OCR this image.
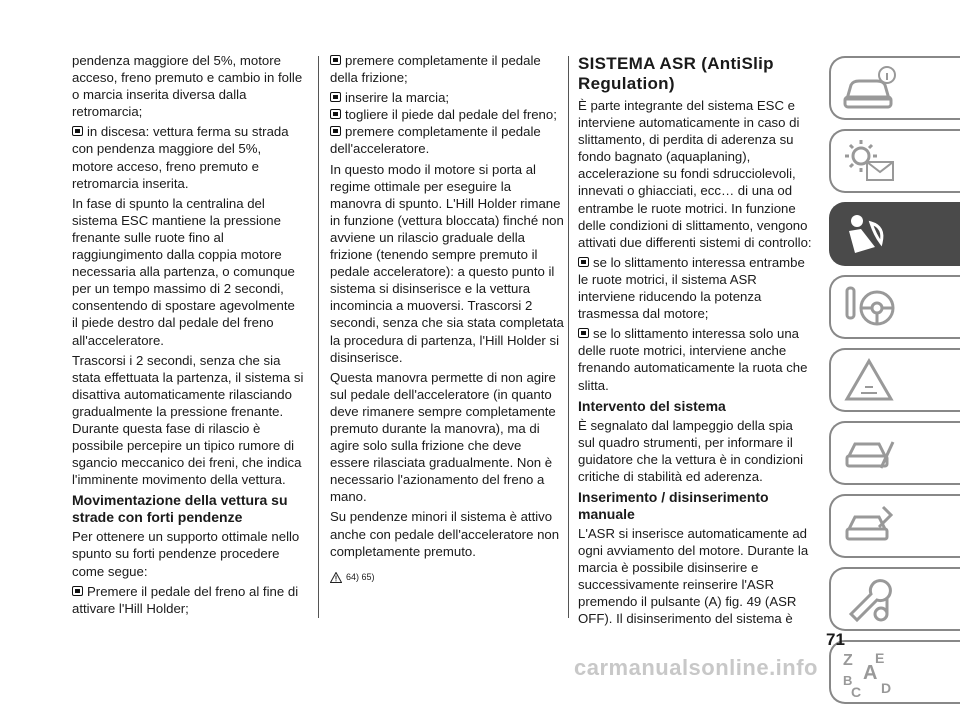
pendenza maggiore del 5%, motore acceso, freno premuto e cambio in folle o marcia inserita diversa dalla retromarcia;

in discesa: vettura ferma su strada con pendenza maggiore del 5%, motore acceso, freno premuto e retromarcia inserita.

In fase di spunto la centralina del sistema ESC mantiene la pressione frenante sulle ruote fino al raggiungimento dalla coppia motore necessaria alla partenza, o comunque per un tempo massimo di 2 secondi, consentendo di spostare agevolmente il piede destro dal pedale del freno all'acceleratore.

Trascorsi i 2 secondi, senza che sia stata effettuata la partenza, il sistema si disattiva automaticamente rilasciando gradualmente la pressione frenante. Durante questa fase di rilascio è possibile percepire un tipico rumore di sgancio meccanico dei freni, che indica l'imminente movimento della vettura.

Movimentazione della vettura su strade con forti pendenze

Per ottenere un supporto ottimale nello spunto su forti pendenze procedere come segue:

Premere il pedale del freno al fine di attivare l'Hill Holder;

premere completamente il pedale della frizione;

inserire la marcia;

togliere il piede dal pedale del freno;

premere completamente il pedale dell'acceleratore.

In questo modo il motore si porta al regime ottimale per eseguire la manovra di spunto. L'Hill Holder rimane in funzione (vettura bloccata) finché non avviene un rilascio graduale della frizione (tenendo sempre premuto il pedale acceleratore): a questo punto il sistema si disinserisce e la vettura incomincia a muoversi. Trascorsi 2 secondi, senza che sia stata completata la procedura di partenza, l'Hill Holder si disinserisce.

Questa manovra permette di non agire sul pedale dell'acceleratore (in quanto deve rimanere sempre completamente premuto durante la manovra), ma di agire solo sulla frizione che deve essere rilasciata gradualmente. Non è necessario l'azionamento del freno a mano.

Su pendenze minori il sistema è attivo anche con pedale dell'acceleratore non completamente premuto.

64) 65)
SISTEMA ASR (AntiSlip Regulation)

È parte integrante del sistema ESC e interviene automaticamente in caso di slittamento, di perdita di aderenza su fondo bagnato (aquaplaning), accelerazione su fondi sdrucciolevoli, innevati o ghiacciati, ecc… di una od entrambe le ruote motrici. In funzione delle condizioni di slittamento, vengono attivati due differenti sistemi di controllo:

se lo slittamento interessa entrambe le ruote motrici, il sistema ASR interviene riducendo la potenza trasmessa dal motore;

se lo slittamento interessa solo una delle ruote motrici, interviene anche frenando automaticamente la ruota che slitta.

Intervento del sistema

È segnalato dal lampeggio della spia sul quadro strumenti, per informare il guidatore che la vettura è in condizioni critiche di stabilità ed aderenza.

Inserimento / disinserimento manuale

L'ASR si inserisce automaticamente ad ogni avviamento del motore. Durante la marcia è possibile disinserire e successivamente reinserire l'ASR premendo il pulsante (A) fig. 49 (ASR OFF). Il disinserimento del sistema è

Z E
B A
C D
71
carmanualsonline.info
